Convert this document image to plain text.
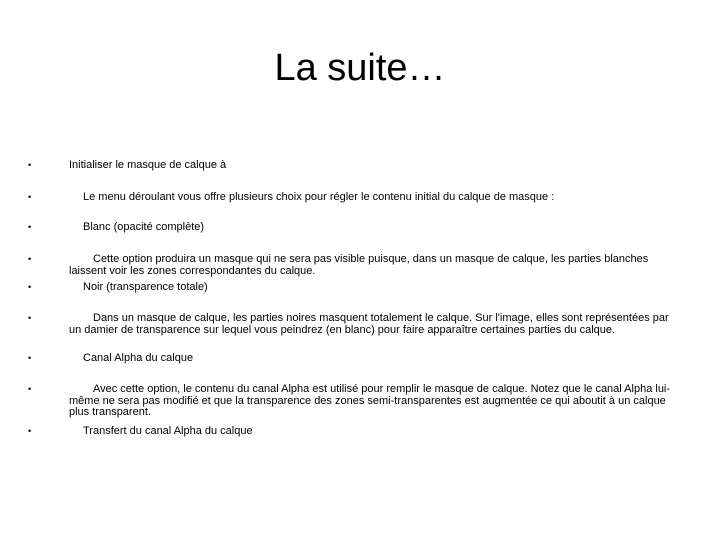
La suite…
•	Initialiser le masque de calque à
•	Le menu déroulant vous offre plusieurs choix pour régler le contenu initial du calque de masque :
•	Blanc (opacité complète)
•	Cette option produira un masque qui ne sera pas visible puisque, dans un masque de calque, les parties blanches laissent voir les zones correspondantes du calque.
•	Noir (transparence totale)
•	Dans un masque de calque, les parties noires masquent totalement le calque. Sur l'image, elles sont représentées par un damier de transparence sur lequel vous peindrez (en blanc) pour faire apparaître certaines parties du calque.
•	Canal Alpha du calque
•	Avec cette option, le contenu du canal Alpha est utilisé pour remplir le masque de calque. Notez que le canal Alpha lui-même ne sera pas modifié et que la transparence des zones semi-transparentes est augmentée ce qui aboutit à un calque plus transparent.
•	Transfert du canal Alpha du calque
